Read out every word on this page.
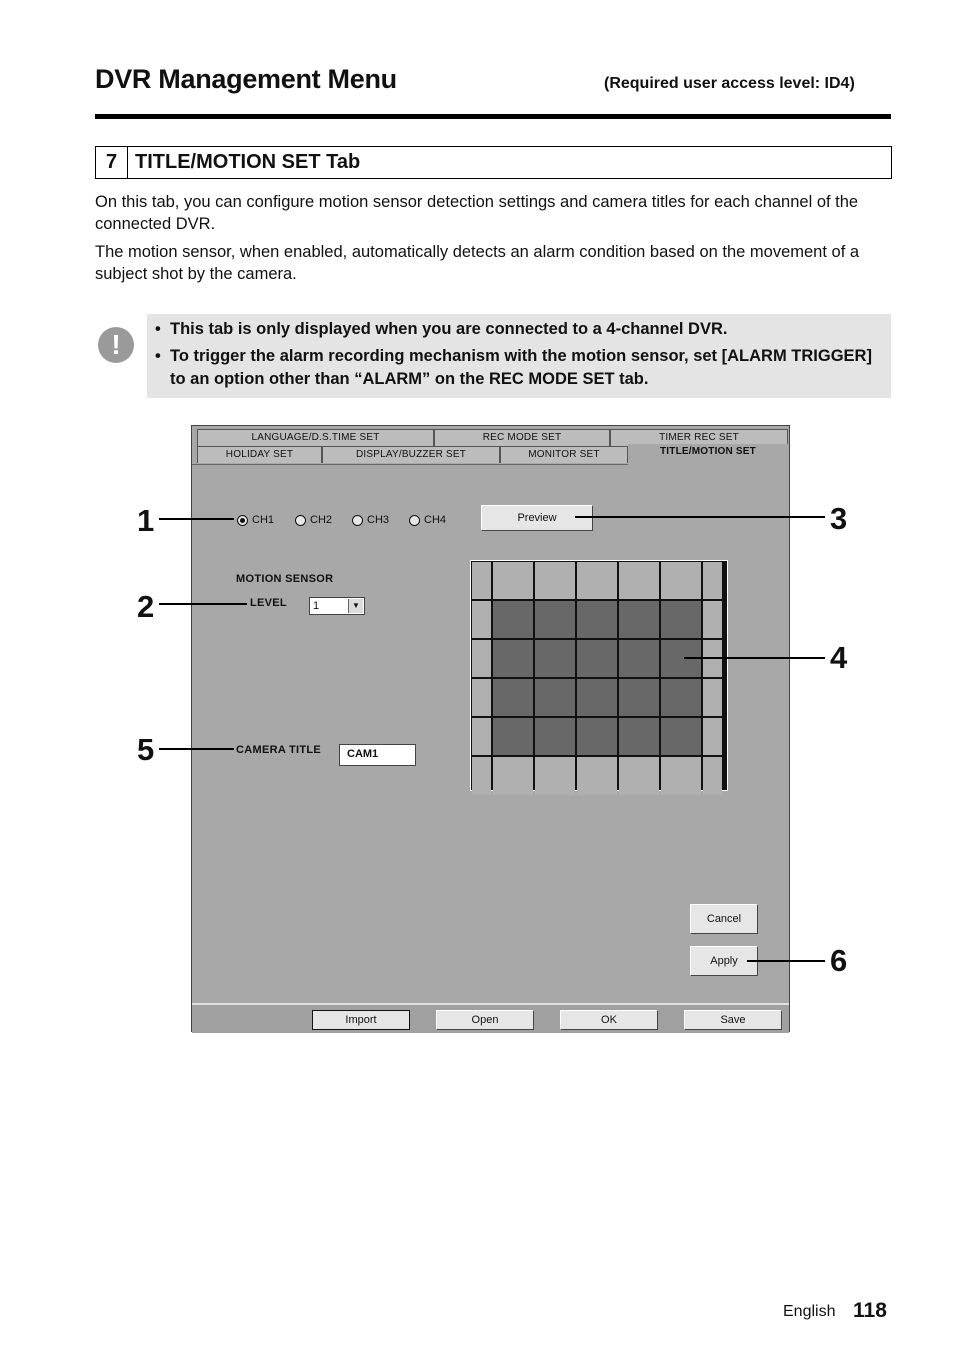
DVR Management Menu	(Required user access level: ID4)
7 TITLE/MOTION SET Tab
On this tab, you can configure motion sensor detection settings and camera titles for each channel of the connected DVR.
The motion sensor, when enabled, automatically detects an alarm condition based on the movement of a subject shot by the camera.
!	• This tab is only displayed when you are connected to a 4-channel DVR.
• To trigger the alarm recording mechanism with the motion sensor, set [ALARM TRIGGER] to an option other than “ALARM” on the REC MODE SET tab.
LANGUAGE/D.S.TIME SET	REC MODE SET	TIMER REC SET
HOLIDAY SET	DISPLAY/BUZZER SET	MONITOR SET	TITLE/MOTION SET
CH1	CH2	CH3	CH4	Preview
MOTION SENSOR
LEVEL 1	▼
CAMERA TITLE	CAM1
Cancel
Apply
Import	Open	OK	Save
1
2
3
4
5
6
English 118
